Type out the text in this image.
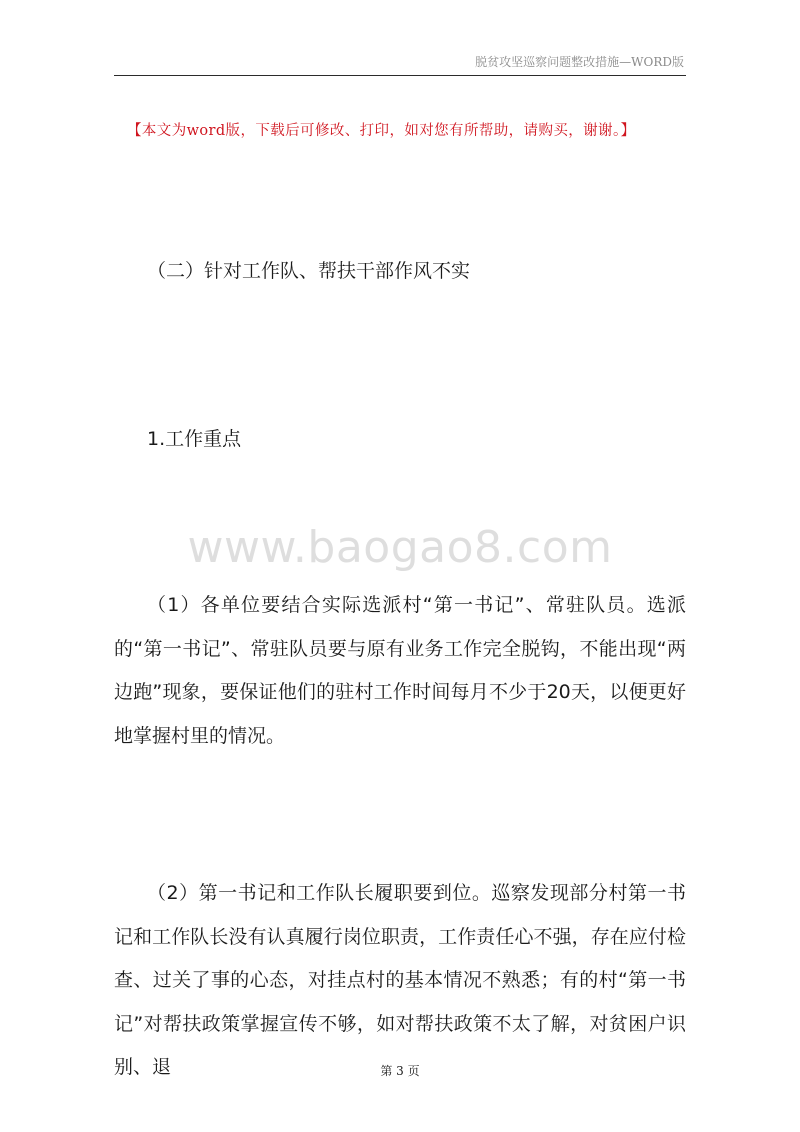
脱贫攻坚巡察问题整改措施—WORD版
【本文为word版，下载后可修改、打印，如对您有所帮助，请购买，谢谢。】
（二）针对工作队、帮扶干部作风不实
1.工作重点
www.baogao8.com
（1）各单位要结合实际选派村“第一书记”、常驻队员。选派的“第一书记”、常驻队员要与原有业务工作完全脱钩，不能出现“两边跑”现象，要保证他们的驻村工作时间每月不少于20天，以便更好地掌握村里的情况。
（2）第一书记和工作队长履职要到位。巡察发现部分村第一书记和工作队长没有认真履行岗位职责，工作责任心不强，存在应付检查、过关了事的心态，对挂点村的基本情况不熟悉；有的村“第一书记”对帮扶政策掌握宣传不够，如对帮扶政策不太了解，对贫困户识别、退	第 3 页
